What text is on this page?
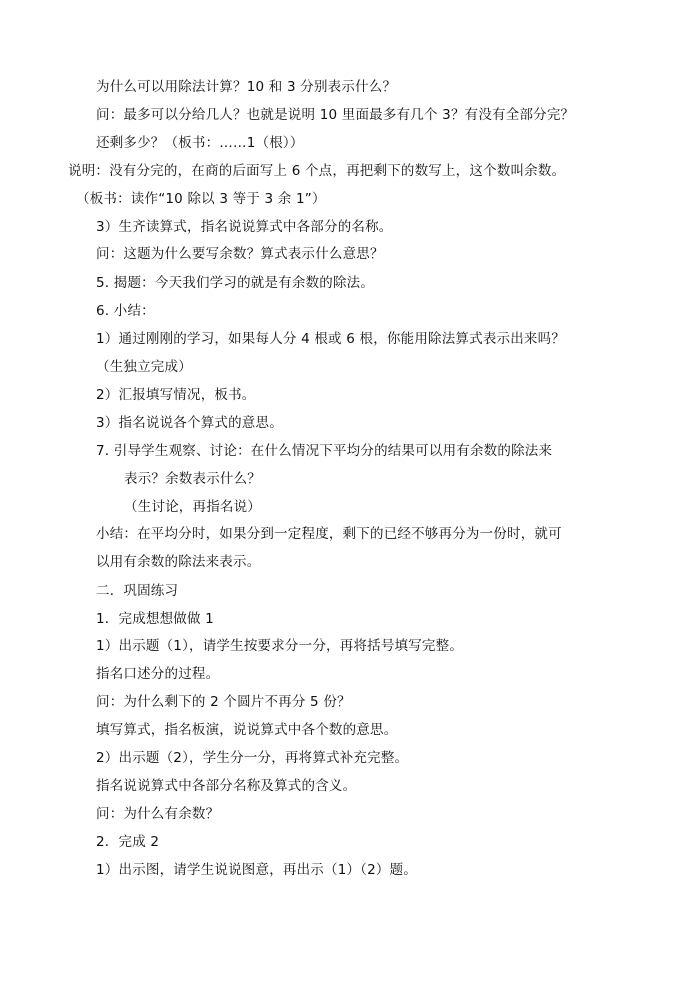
为什么可以用除法计算？10 和 3 分别表示什么？
问：最多可以分给几人？也就是说明 10 里面最多有几个 3？有没有全部分完？
还剩多少？（板书：……1（根））
说明：没有分完的，在商的后面写上 6 个点，再把剩下的数写上，这个数叫余数。
（板书：读作“10 除以 3 等于 3 余 1”）
3）生齐读算式，指名说说算式中各部分的名称。
问：这题为什么要写余数？算式表示什么意思？
5. 揭题：今天我们学习的就是有余数的除法。
6. 小结：
1）通过刚刚的学习，如果每人分 4 根或 6 根，你能用除法算式表示出来吗？
（生独立完成）
2）汇报填写情况，板书。
3）指名说说各个算式的意思。
7. 引导学生观察、讨论：在什么情况下平均分的结果可以用有余数的除法来
表示？余数表示什么？
（生讨论，再指名说）
小结：在平均分时，如果分到一定程度，剩下的已经不够再分为一份时，就可
以用有余数的除法来表示。
二．巩固练习
1．完成想想做做 1
1）出示题（1），请学生按要求分一分，再将括号填写完整。
指名口述分的过程。
问：为什么剩下的 2 个圆片不再分 5 份？
填写算式，指名板演，说说算式中各个数的意思。
2）出示题（2），学生分一分，再将算式补充完整。
指名说说算式中各部分名称及算式的含义。
问：为什么有余数？
2．完成 2
1）出示图，请学生说说图意，再出示（1）（2）题。
